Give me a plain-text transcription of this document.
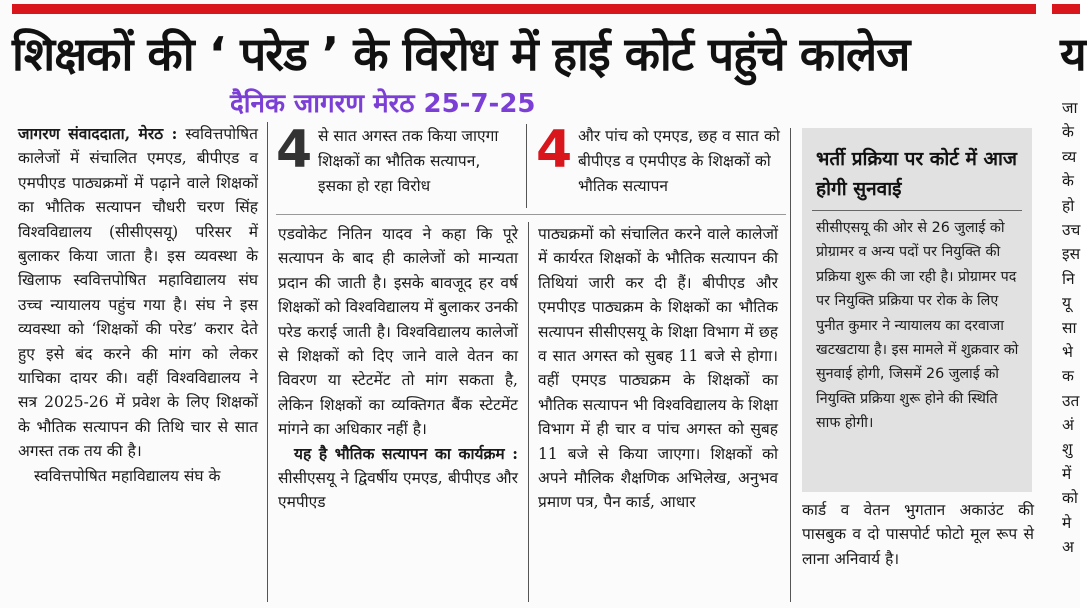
शिक्षकों की ‘ परेड ’ के विरोध में हाई कोर्ट पहुंचे कालेज	य
दैनिक जागरण मेरठ 25-7-25

जागरण संवाददाता, मेरठ : स्ववित्तपोषित कालेजों में संचालित एमएड, बीपीएड व एमपीएड पाठ्यक्रमों में पढ़ाने वाले शिक्षकों का भौतिक सत्यापन चौधरी चरण सिंह विश्वविद्यालय (सीसीएसयू) परिसर में बुलाकर किया जाता है। इस व्यवस्था के खिलाफ स्ववित्तपोषित महाविद्यालय संघ उच्च न्यायालय पहुंच गया है। संघ ने इस व्यवस्था को ‘शिक्षकों की परेड’ करार देते हुए इसे बंद करने की मांग को लेकर याचिका दायर की। वहीं विश्वविद्यालय ने सत्र 2025-26 में प्रवेश के लिए शिक्षकों के भौतिक सत्यापन की तिथि चार से सात अगस्त तक तय की है।

स्ववित्तपोषित महाविद्यालय संघ के

4 से सात अगस्त तक किया जाएगा शिक्षकों का भौतिक सत्यापन, इसका हो रहा विरोध
4 और पांच को एमएड, छह व सात को बीपीएड व एमपीएड के शिक्षकों को भौतिक सत्यापन

एडवोकेट नितिन यादव ने कहा कि पूरे सत्यापन के बाद ही कालेजों को मान्यता प्रदान की जाती है। इसके बावजूद हर वर्ष शिक्षकों को विश्वविद्यालय में बुलाकर उनकी परेड कराई जाती है। विश्वविद्यालय कालेजों से शिक्षकों को दिए जाने वाले वेतन का विवरण या स्टेटमेंट तो मांग सकता है, लेकिन शिक्षकों का व्यक्तिगत बैंक स्टेटमेंट मांगने का अधिकार नहीं है।

यह है भौतिक सत्यापन का कार्यक्रम : सीसीएसयू ने द्विवर्षीय एमएड, बीपीएड और एमपीएड

पाठ्यक्रमों को संचालित करने वाले कालेजों में कार्यरत शिक्षकों के भौतिक सत्यापन की तिथियां जारी कर दी हैं। बीपीएड और एमपीएड पाठ्यक्रम के शिक्षकों का भौतिक सत्यापन सीसीएसयू के शिक्षा विभाग में छह व सात अगस्त को सुबह 11 बजे से होगा। वहीं एमएड पाठ्यक्रम के शिक्षकों का भौतिक सत्यापन भी विश्वविद्यालय के शिक्षा विभाग में ही चार व पांच अगस्त को सुबह 11 बजे से किया जाएगा। शिक्षकों को अपने मौलिक शैक्षणिक अभिलेख, अनुभव प्रमाण पत्र, पैन कार्ड, आधार

भर्ती प्रक्रिया पर कोर्ट में आज होगी सुनवाई

सीसीएसयू की ओर से 26 जुलाई को प्रोग्रामर व अन्य पदों पर नियुक्ति की प्रक्रिया शुरू की जा रही है। प्रोग्रामर पद पर नियुक्ति प्रक्रिया पर रोक के लिए पुनीत कुमार ने न्यायालय का दरवाजा खटखटाया है। इस मामले में शुक्रवार को सुनवाई होगी, जिसमें 26 जुलाई को नियुक्ति प्रक्रिया शुरू होने की स्थिति साफ होगी।

कार्ड व वेतन भुगतान अकाउंट की पासबुक व दो पासपोर्ट फोटो मूल रूप से लाना अनिवार्य है।

जा
के
व्य
के
हो
उच
इस
नि
यू
सा
भे
क
उत
अं
शु
में
को
मे
अ
